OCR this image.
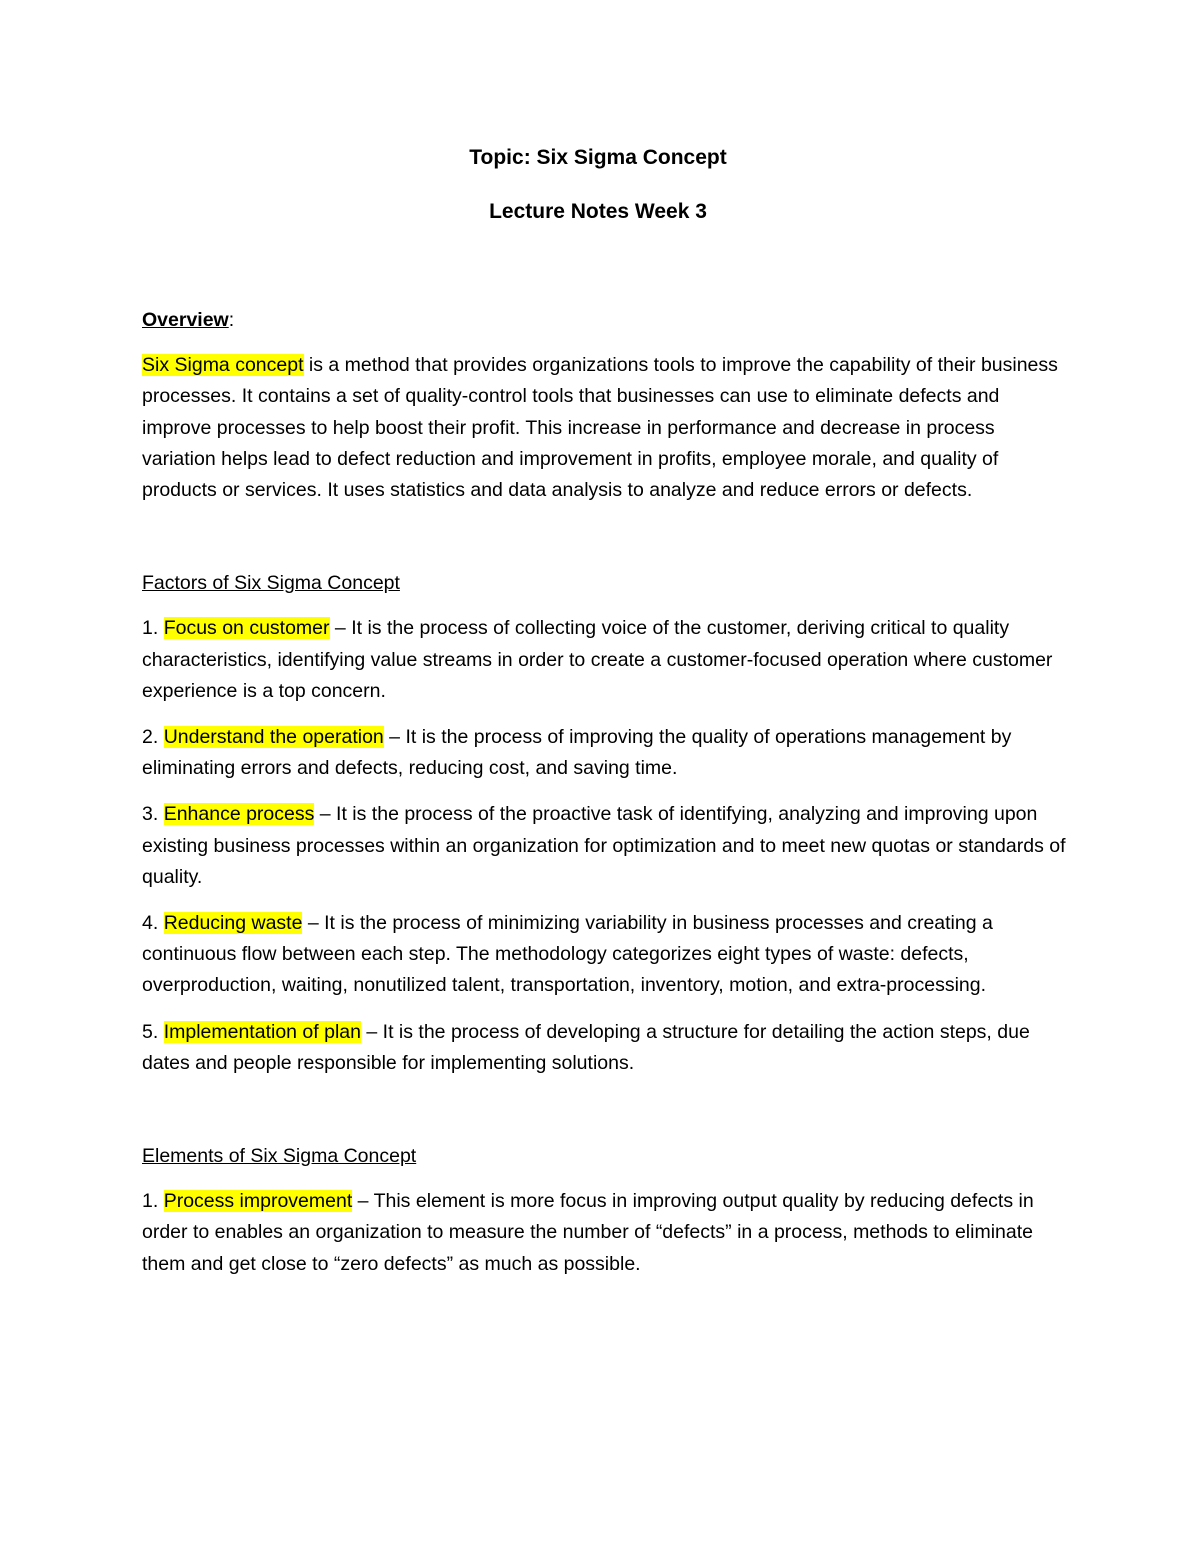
Topic: Six Sigma Concept
Lecture Notes Week 3

Overview:

Six Sigma concept is a method that provides organizations tools to improve the capability of their business processes. It contains a set of quality-control tools that businesses can use to eliminate defects and improve processes to help boost their profit. This increase in performance and decrease in process variation helps lead to defect reduction and improvement in profits, employee morale, and quality of products or services. It uses statistics and data analysis to analyze and reduce errors or defects.

Factors of Six Sigma Concept

1. Focus on customer – It is the process of collecting voice of the customer, deriving critical to quality characteristics, identifying value streams in order to create a customer-focused operation where customer experience is a top concern.

2. Understand the operation – It is the process of improving the quality of operations management by eliminating errors and defects, reducing cost, and saving time.

3. Enhance process – It is the process of the proactive task of identifying, analyzing and improving upon existing business processes within an organization for optimization and to meet new quotas or standards of quality.

4. Reducing waste – It is the process of minimizing variability in business processes and creating a continuous flow between each step. The methodology categorizes eight types of waste: defects, overproduction, waiting, nonutilized talent, transportation, inventory, motion, and extra-processing.

5. Implementation of plan – It is the process of developing a structure for detailing the action steps, due dates and people responsible for implementing solutions.

Elements of Six Sigma Concept

1. Process improvement – This element is more focus in improving output quality by reducing defects in order to enables an organization to measure the number of “defects” in a process, methods to eliminate them and get close to “zero defects” as much as possible.
